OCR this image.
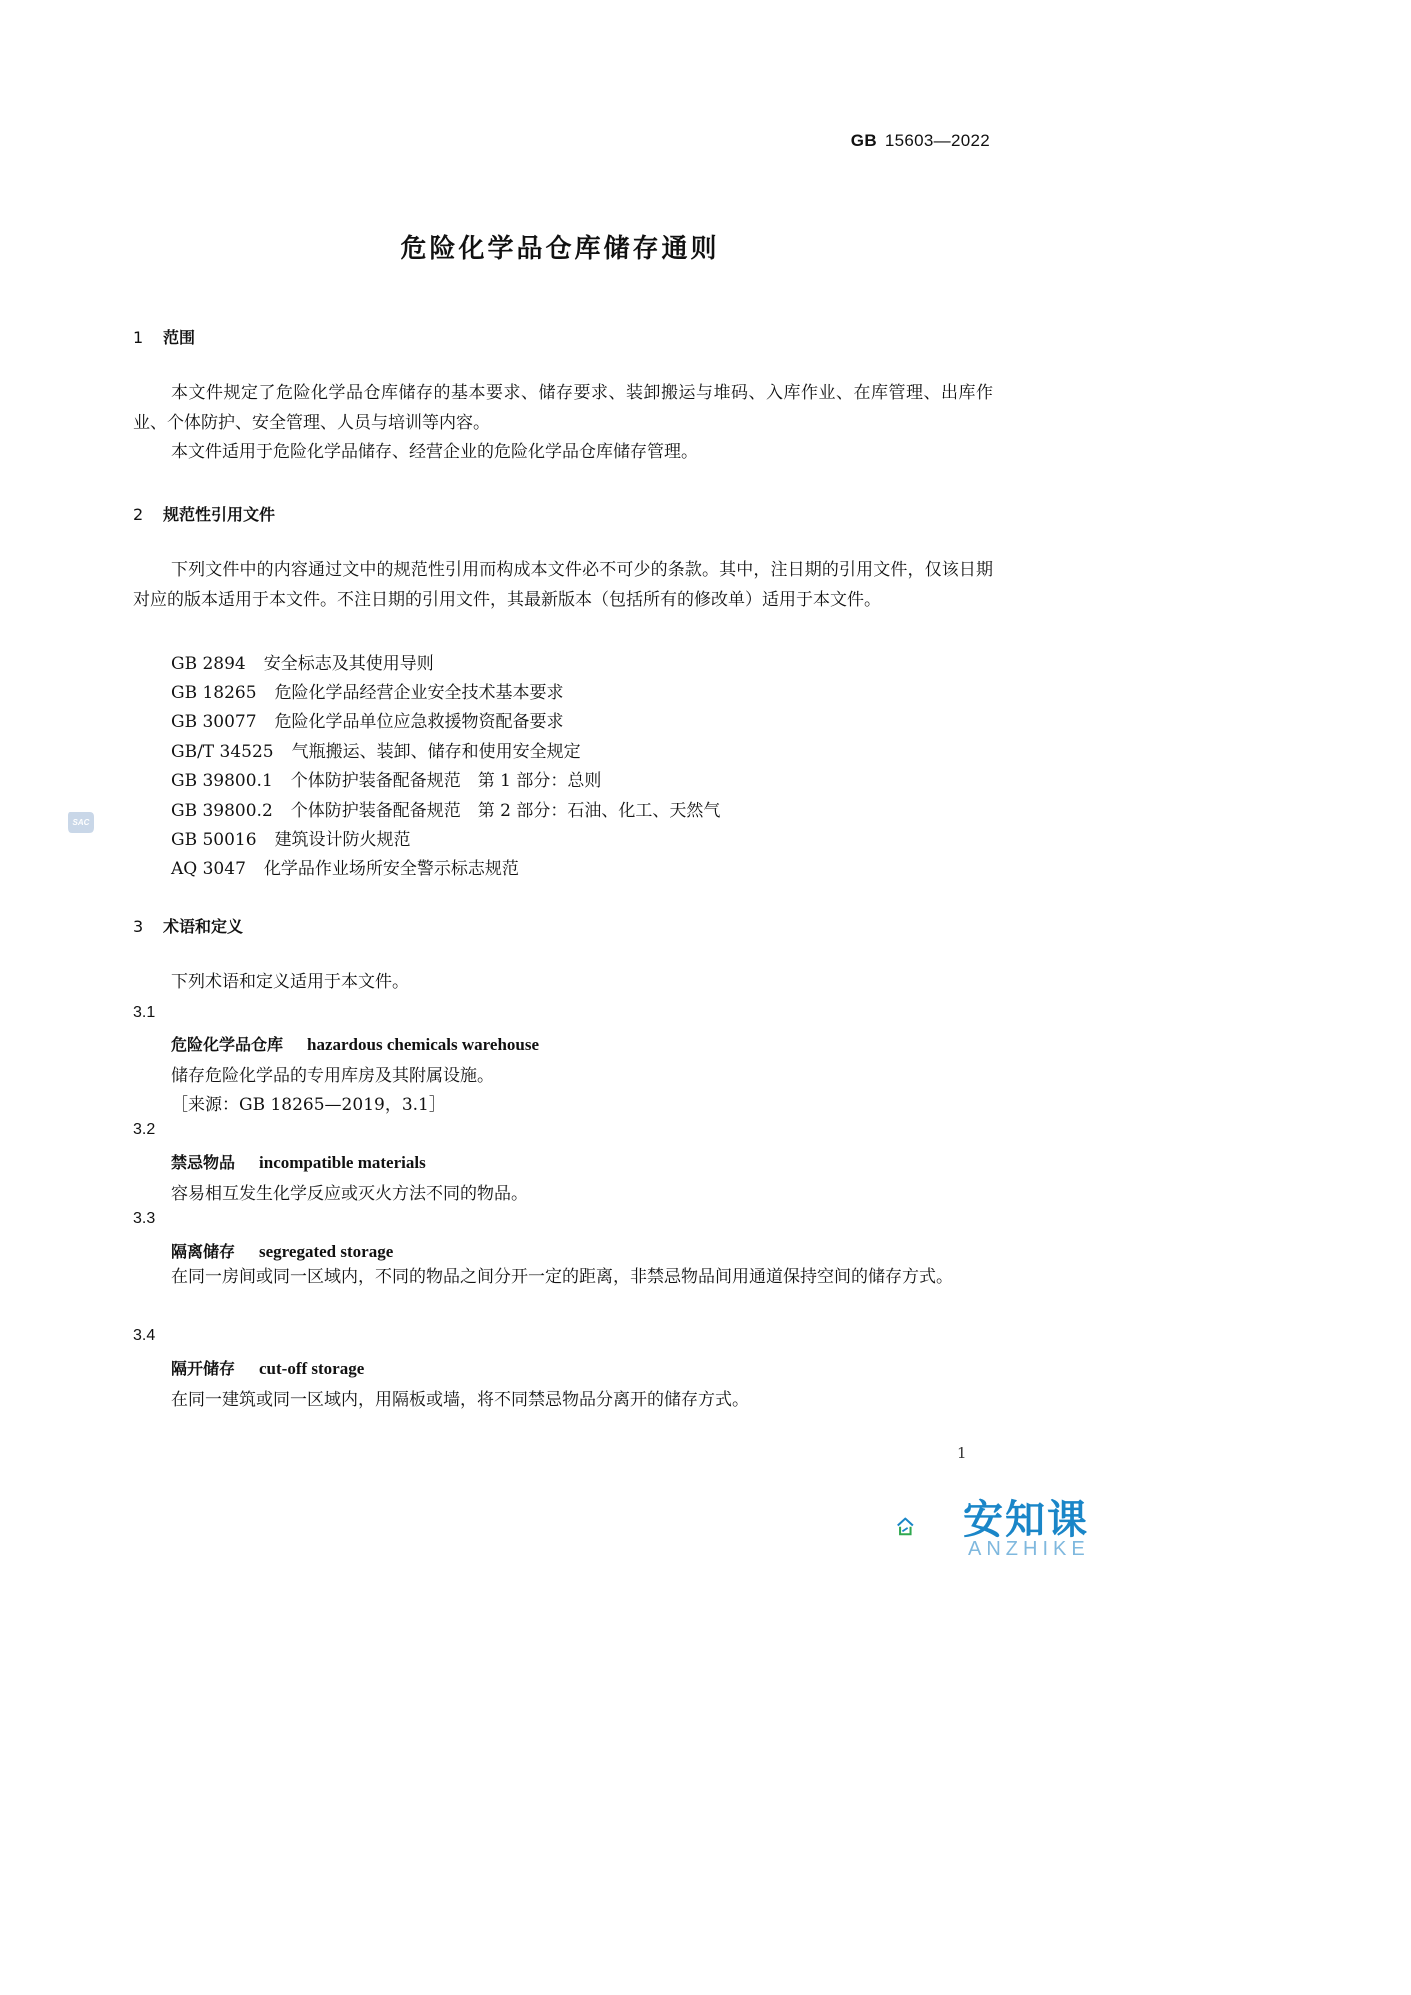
GB 15603—2022
危险化学品仓库储存通则
1 范围

本文件规定了危险化学品仓库储存的基本要求、储存要求、装卸搬运与堆码、入库作业、在库管理、出库作业、个体防护、安全管理、人员与培训等内容。

本文件适用于危险化学品储存、经营企业的危险化学品仓库储存管理。

2 规范性引用文件

下列文件中的内容通过文中的规范性引用而构成本文件必不可少的条款。其中，注日期的引用文件，仅该日期对应的版本适用于本文件。不注日期的引用文件，其最新版本（包括所有的修改单）适用于本文件。

GB 2894 安全标志及其使用导则
GB 18265 危险化学品经营企业安全技术基本要求
GB 30077 危险化学品单位应急救援物资配备要求
GB/T 34525 气瓶搬运、装卸、储存和使用安全规定
GB 39800.1 个体防护装备配备规范　第 1 部分：总则
GB 39800.2 个体防护装备配备规范　第 2 部分：石油、化工、天然气
GB 50016 建筑设计防火规范
AQ 3047 化学品作业场所安全警示标志规范
3 术语和定义

下列术语和定义适用于本文件。

3.1
危险化学品仓库 hazardous chemicals warehouse
储存危险化学品的专用库房及其附属设施。
［来源：GB 18265—2019，3.1］
3.2
禁忌物品 incompatible materials
容易相互发生化学反应或灭火方法不同的物品。
3.3
隔离储存 segregated storage

在同一房间或同一区域内，不同的物品之间分开一定的距离，非禁忌物品间用通道保持空间的储存方式。

3.4
隔开储存 cut-off storage
在同一建筑或同一区域内，用隔板或墙，将不同禁忌物品分离开的储存方式。
1
SAC
安知课
ANZHIKE
